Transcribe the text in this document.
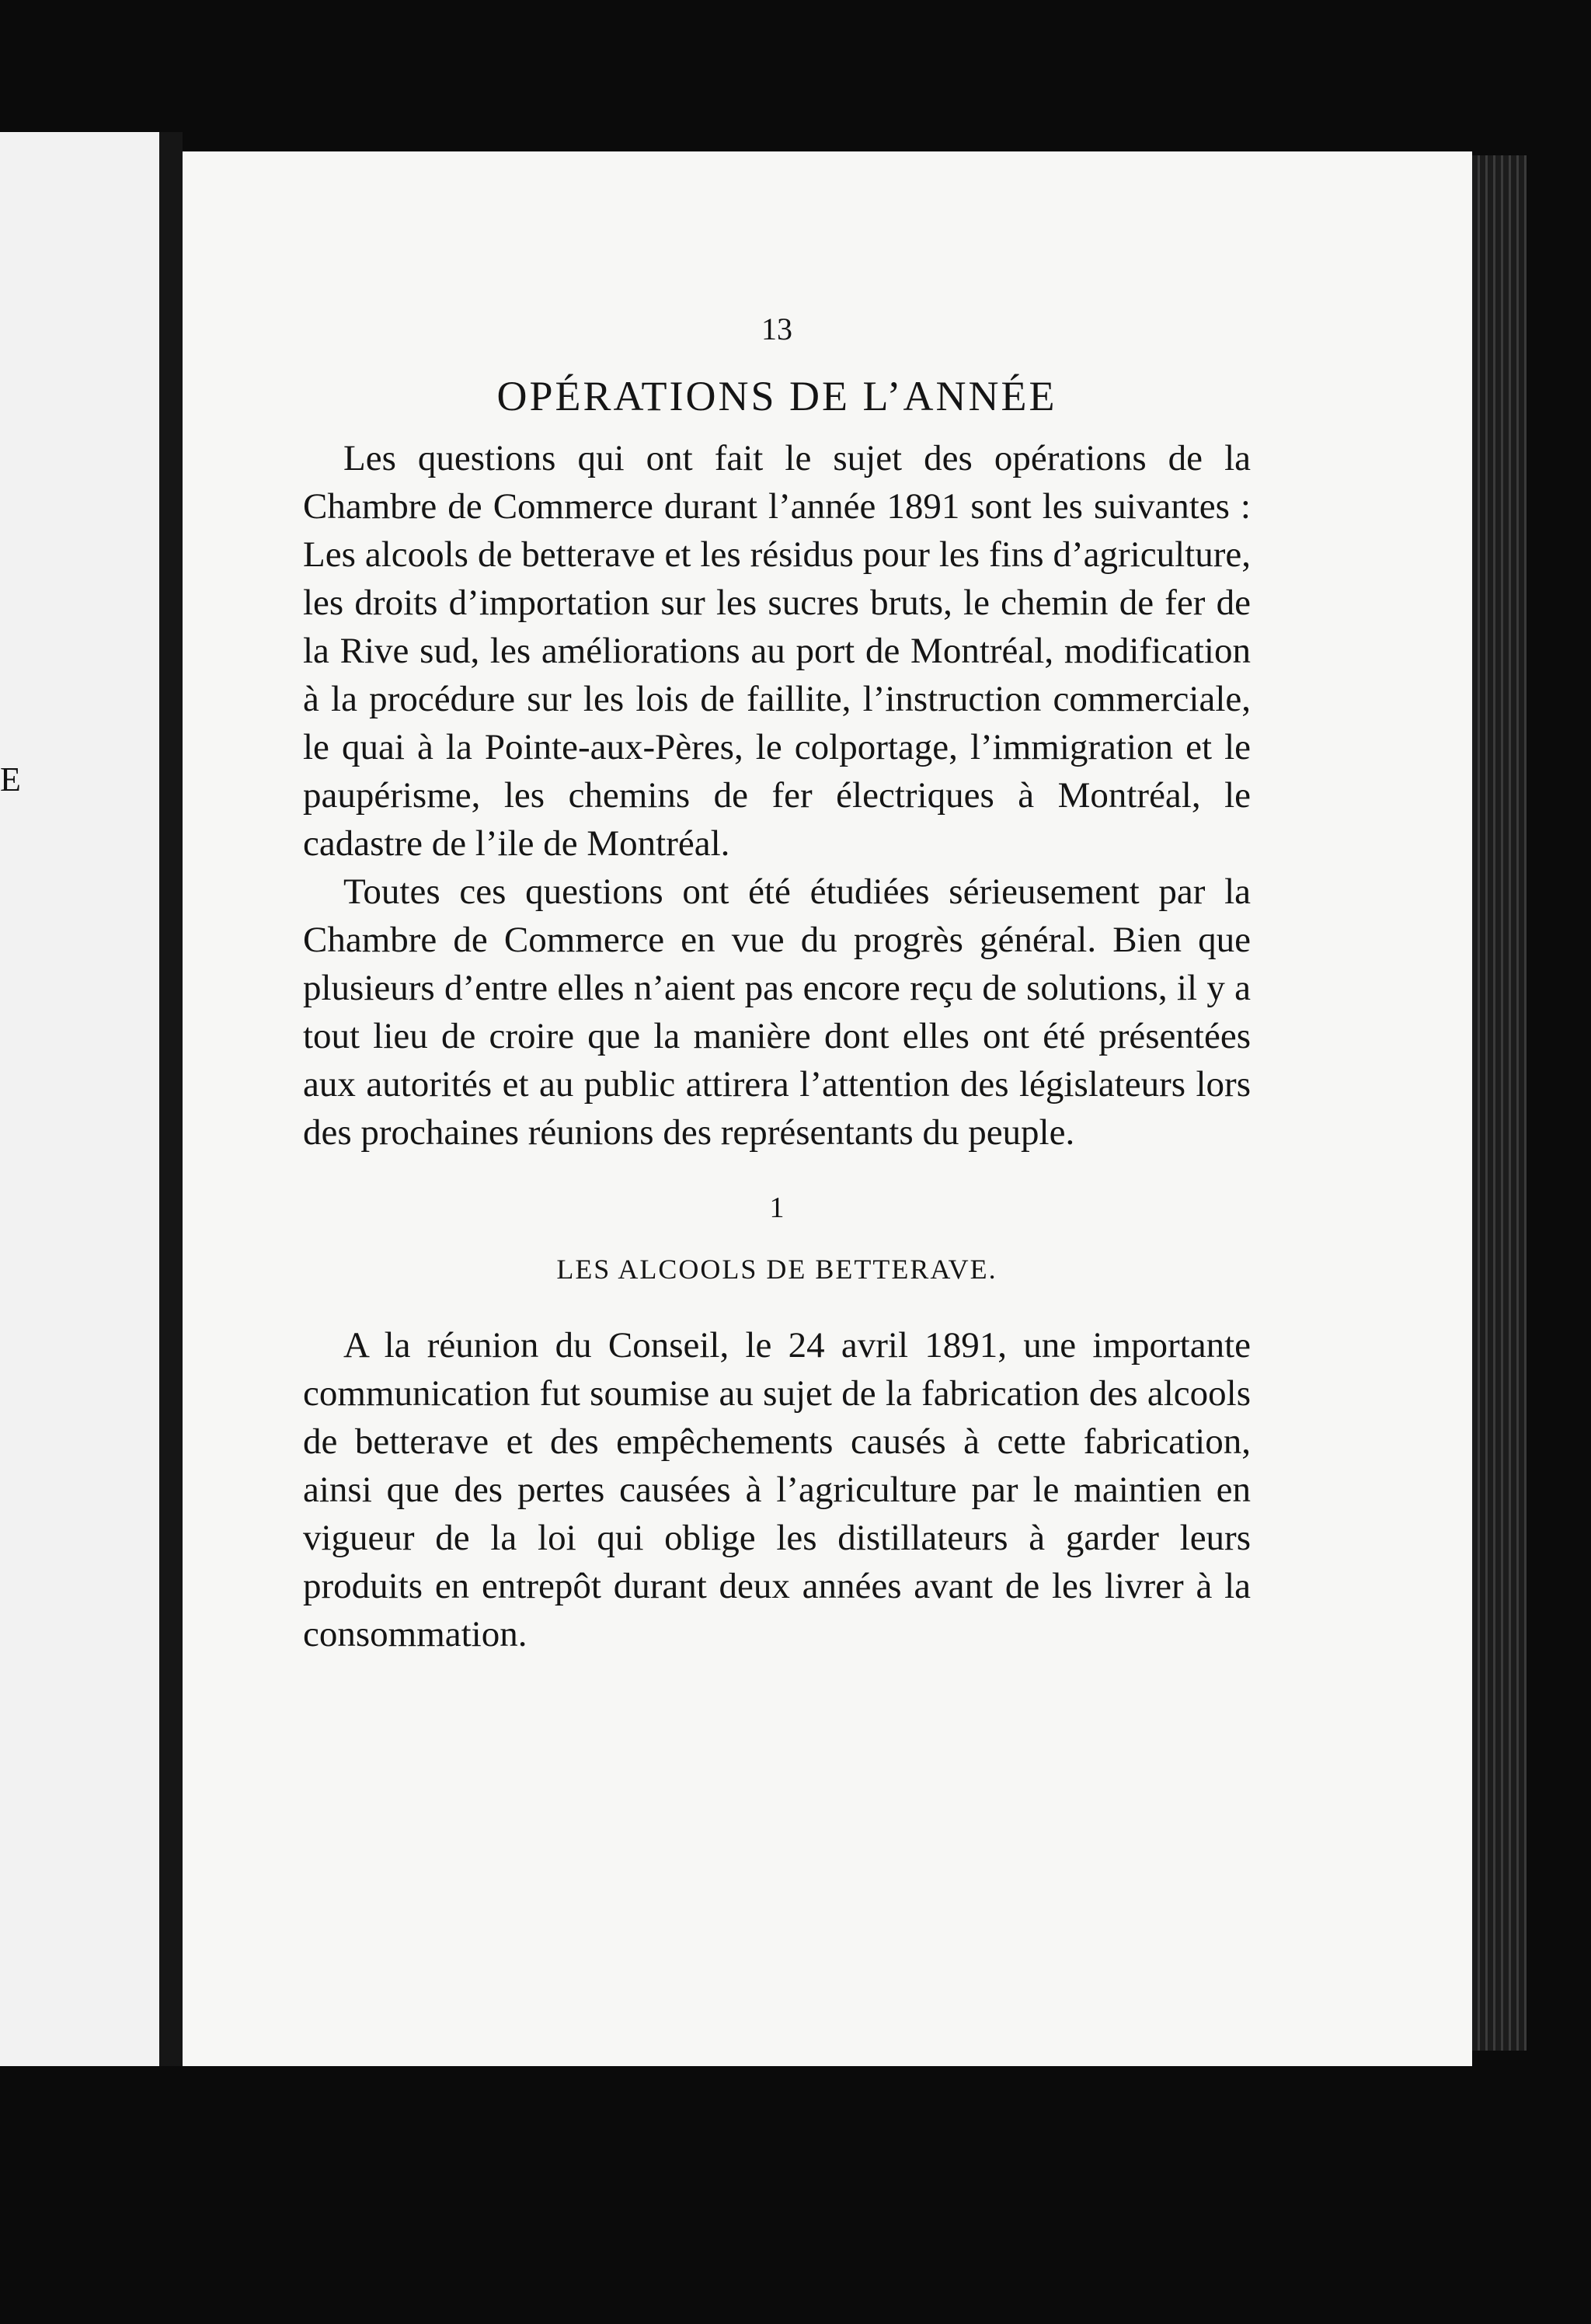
E
13
OPÉRATIONS DE L’ANNÉE

Les questions qui ont fait le sujet des opérations de la Chambre de Commerce durant l’année 1891 sont les suivantes : Les alcools de betterave et les résidus pour les fins d’agriculture, les droits d’importation sur les sucres bruts, le chemin de fer de la Rive sud, les améliorations au port de Montréal, modification à la procédure sur les lois de faillite, l’instruction commerciale, le quai à la Pointe-aux-Pères, le colportage, l’immigration et le paupérisme, les chemins de fer électriques à Montréal, le cadastre de l’ile de Montréal.

Toutes ces questions ont été étudiées sérieusement par la Chambre de Commerce en vue du progrès général. Bien que plusieurs d’entre elles n’aient pas encore reçu de solutions, il y a tout lieu de croire que la manière dont elles ont été présentées aux autorités et au public attirera l’attention des législateurs lors des prochaines réunions des représentants du peuple.

1
LES ALCOOLS DE BETTERAVE.

A la réunion du Conseil, le 24 avril 1891, une importante communication fut soumise au sujet de la fabrication des alcools de betterave et des empêchements causés à cette fabrication, ainsi que des pertes causées à l’agriculture par le maintien en vigueur de la loi qui oblige les distillateurs à garder leurs produits en entrepôt durant deux années avant de les livrer à la consommation.
